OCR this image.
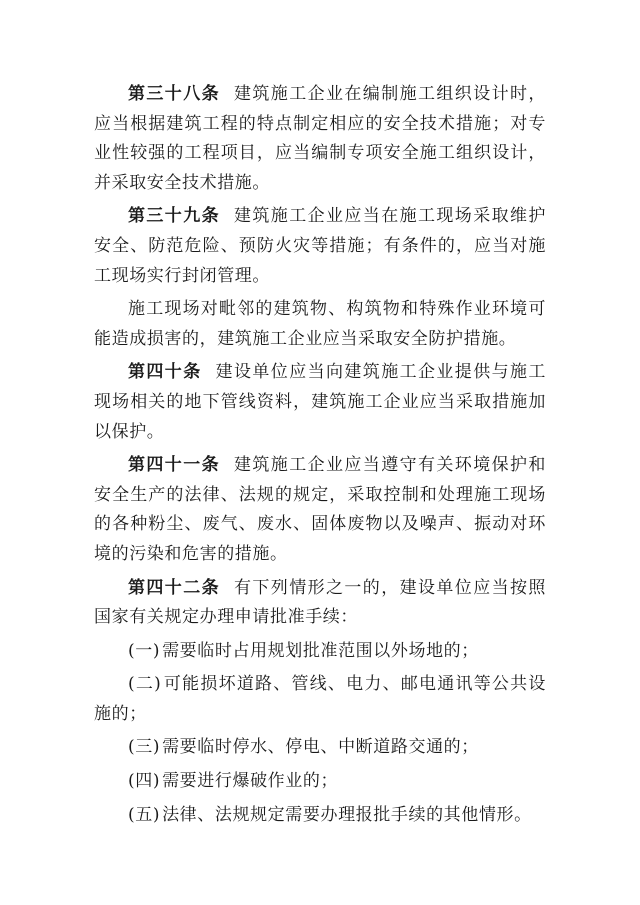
第三十八条 建筑施工企业在编制施工组织设计时，应当根据建筑工程的特点制定相应的安全技术措施；对专业性较强的工程项目，应当编制专项安全施工组织设计，并采取安全技术措施。

第三十九条 建筑施工企业应当在施工现场采取维护安全、防范危险、预防火灾等措施；有条件的，应当对施工现场实行封闭管理。

施工现场对毗邻的建筑物、构筑物和特殊作业环境可能造成损害的，建筑施工企业应当采取安全防护措施。

第四十条 建设单位应当向建筑施工企业提供与施工现场相关的地下管线资料，建筑施工企业应当采取措施加以保护。

第四十一条 建筑施工企业应当遵守有关环境保护和安全生产的法律、法规的规定，采取控制和处理施工现场的各种粉尘、废气、废水、固体废物以及噪声、振动对环境的污染和危害的措施。

第四十二条 有下列情形之一的，建设单位应当按照国家有关规定办理申请批准手续：

(一) 需要临时占用规划批准范围以外场地的；

(二) 可能损坏道路、管线、电力、邮电通讯等公共设施的；

(三) 需要临时停水、停电、中断道路交通的；

(四) 需要进行爆破作业的；

(五) 法律、法规规定需要办理报批手续的其他情形。
